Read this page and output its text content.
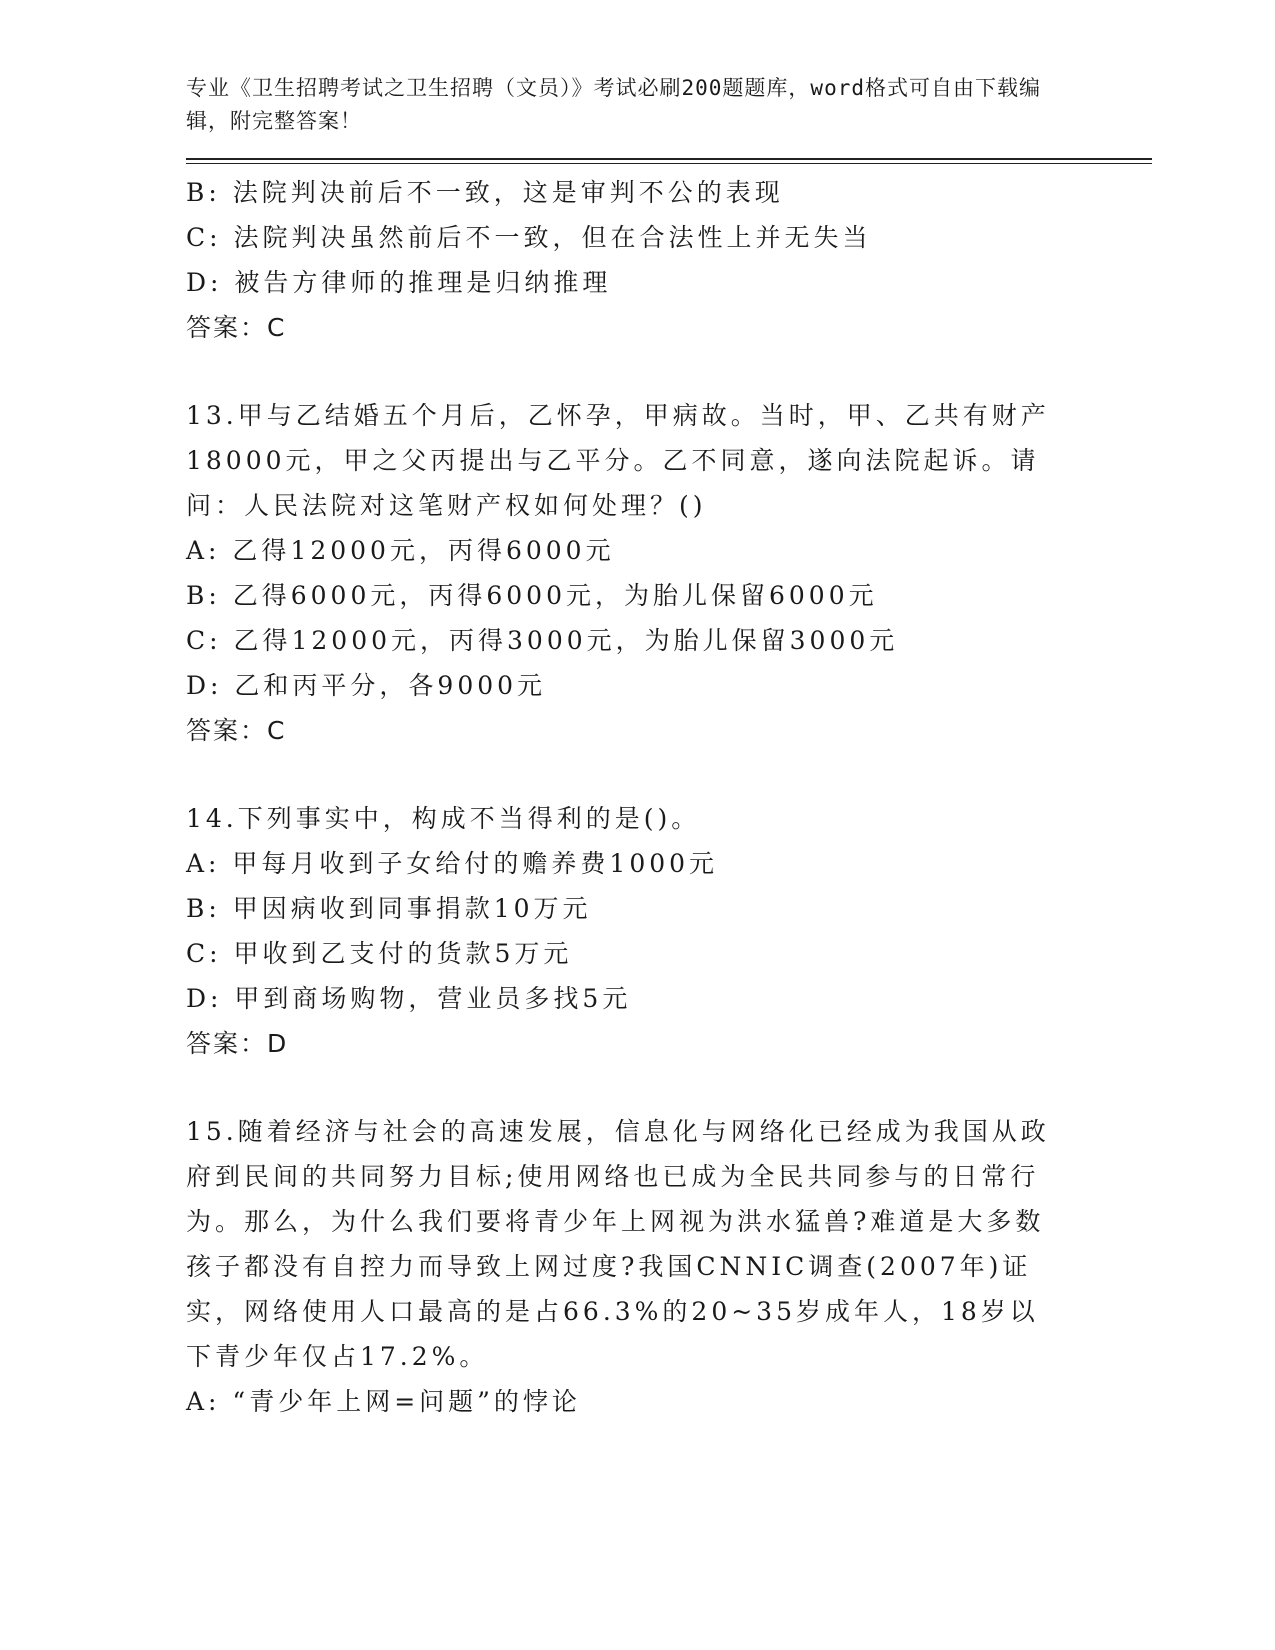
专业《卫生招聘考试之卫生招聘（文员）》考试必刷200题题库，word格式可自由下载编辑，附完整答案！
B: 法院判决前后不一致，这是审判不公的表现
C: 法院判决虽然前后不一致，但在合法性上并无失当
D: 被告方律师的推理是归纳推理
答案：C
13.甲与乙结婚五个月后，乙怀孕，甲病故。当时，甲、乙共有财产18000元，甲之父丙提出与乙平分。乙不同意，遂向法院起诉。请问：人民法院对这笔财产权如何处理？()
A: 乙得12000元，丙得6000元
B: 乙得6000元，丙得6000元，为胎儿保留6000元
C: 乙得12000元，丙得3000元，为胎儿保留3000元
D: 乙和丙平分，各9000元
答案：C
14.下列事实中，构成不当得利的是()。
A: 甲每月收到子女给付的赡养费1000元
B: 甲因病收到同事捐款10万元
C: 甲收到乙支付的货款5万元
D: 甲到商场购物，营业员多找5元
答案：D
15.随着经济与社会的高速发展，信息化与网络化已经成为我国从政府到民间的共同努力目标;使用网络也已成为全民共同参与的日常行为。那么，为什么我们要将青少年上网视为洪水猛兽?难道是大多数孩子都没有自控力而导致上网过度?我国CNNIC调查(2007年)证实，网络使用人口最高的是占66.3%的20~35岁成年人，18岁以下青少年仅占17.2%。
A: “青少年上网=问题”的悖论
